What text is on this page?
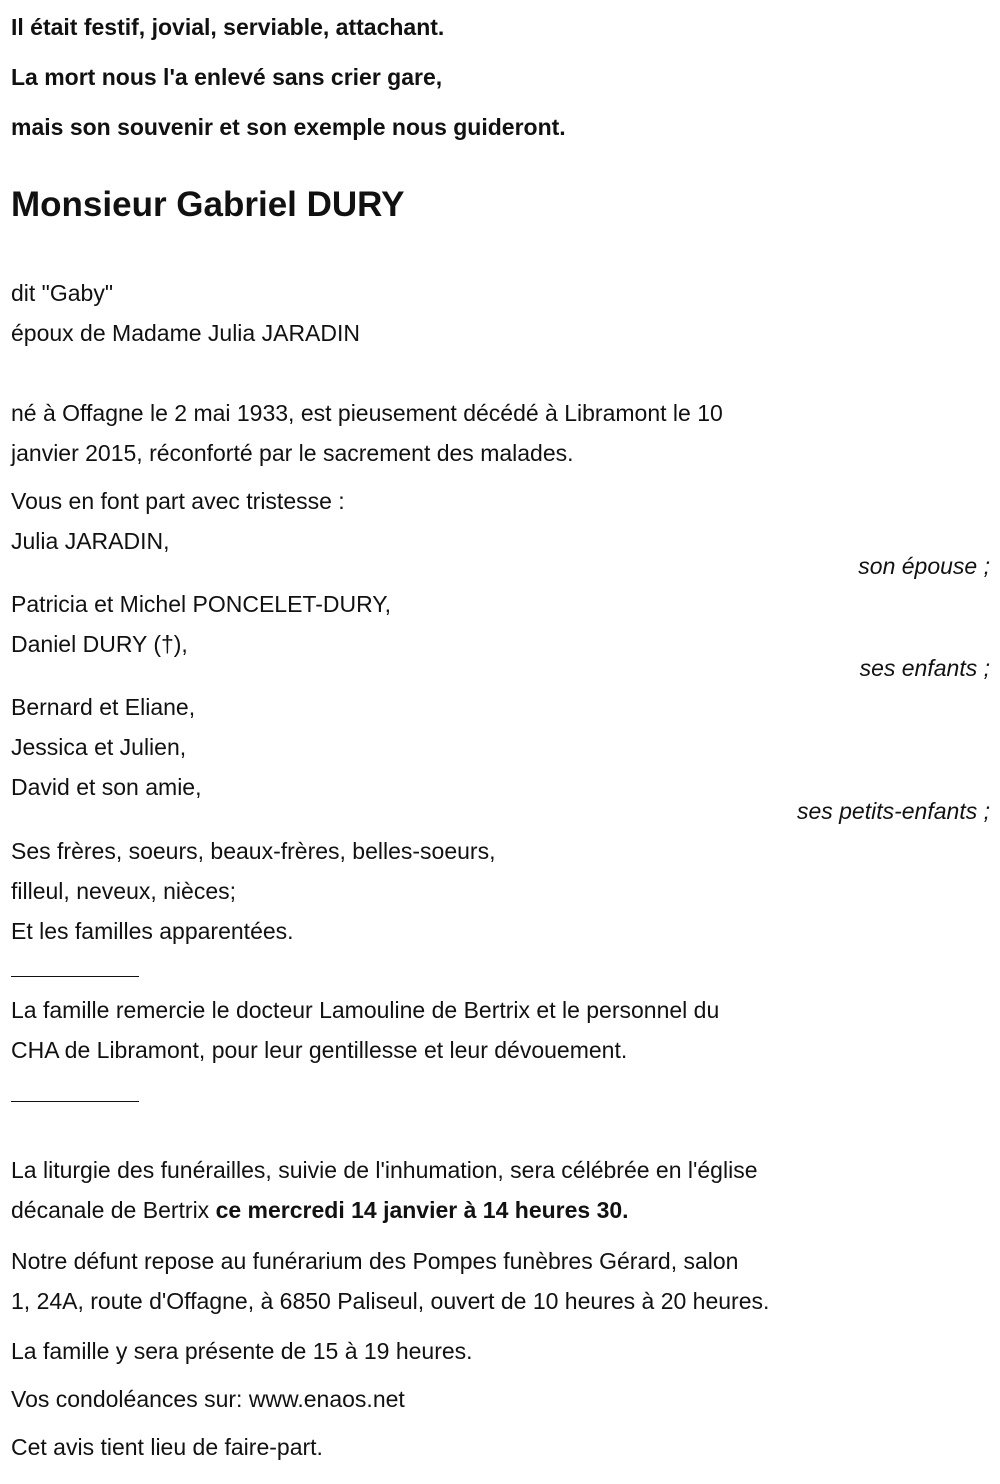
Il était festif, jovial, serviable, attachant.
La mort nous l'a enlevé sans crier gare,
mais son souvenir et son exemple nous guideront.
Monsieur Gabriel DURY
dit "Gaby"
époux de Madame Julia JARADIN
né à Offagne le 2 mai 1933, est pieusement décédé à Libramont le 10
janvier 2015, réconforté par le sacrement des malades.
Vous en font part avec tristesse :
Julia JARADIN,
son épouse ;
Patricia et Michel PONCELET-DURY,
Daniel DURY (†),
ses enfants ;
Bernard et Eliane,
Jessica et Julien,
David et son amie,
ses petits-enfants ;
Ses frères, soeurs, beaux-frères, belles-soeurs,
filleul, neveux, nièces;
Et les familles apparentées.
La famille remercie le docteur Lamouline de Bertrix et le personnel du
CHA de Libramont, pour leur gentillesse et leur dévouement.
La liturgie des funérailles, suivie de l'inhumation, sera célébrée en l'église
décanale de Bertrix ce mercredi 14 janvier à 14 heures 30.
Notre défunt repose au funérarium des Pompes funèbres Gérard, salon
1, 24A, route d'Offagne, à 6850 Paliseul, ouvert de 10 heures à 20 heures.
La famille y sera présente de 15 à 19 heures.
Vos condoléances sur: www.enaos.net
Cet avis tient lieu de faire-part.
